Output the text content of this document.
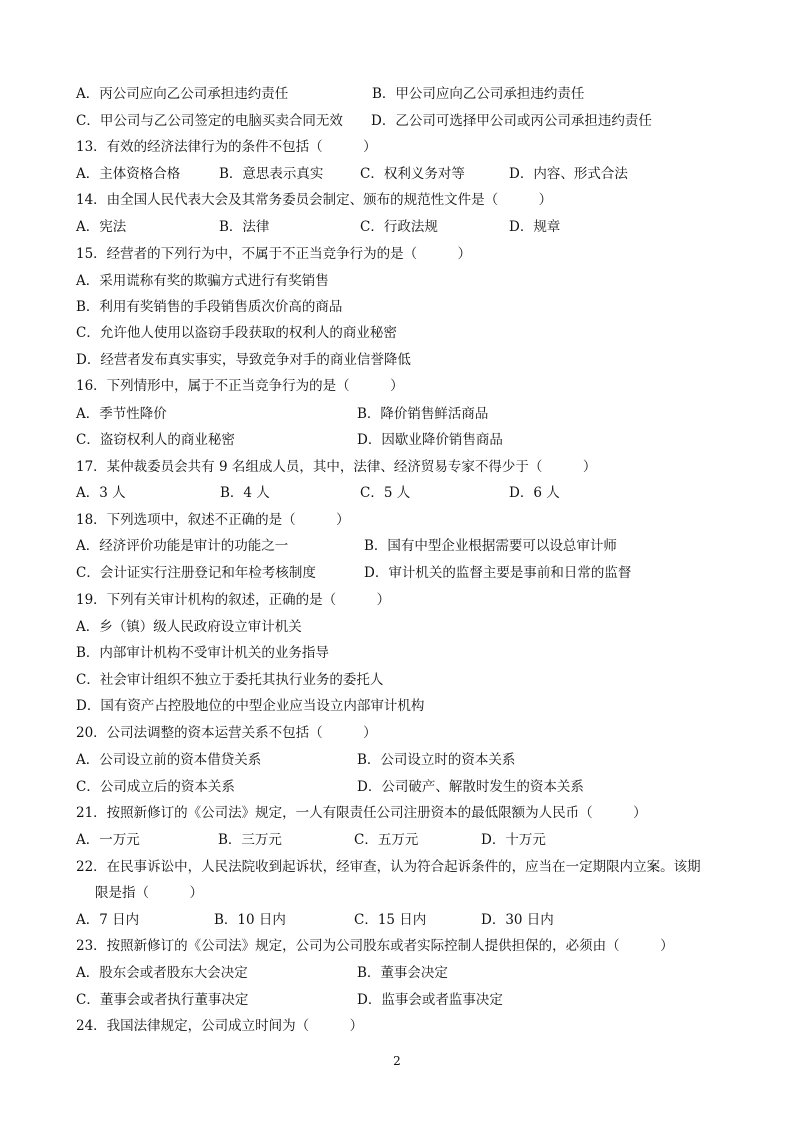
A．丙公司应向乙公司承担违约责任	B．甲公司应向乙公司承担违约责任
C．甲公司与乙公司签定的电脑买卖合同无效 D．乙公司可选择甲公司或丙公司承担违约责任
13．有效的经济法律行为的条件不包括（　　　）
A．主体资格合格	B．意思表示真实	C．权利义务对等	D．内容、形式合法
14．由全国人民代表大会及其常务委员会制定、颁布的规范性文件是（　　　）
A．宪法	B．法律	C．行政法规	D．规章
15．经营者的下列行为中，不属于不正当竞争行为的是（　　　）
A．采用谎称有奖的欺骗方式进行有奖销售
B．利用有奖销售的手段销售质次价高的商品
C．允许他人使用以盗窃手段获取的权利人的商业秘密
D．经营者发布真实事实，导致竞争对手的商业信誉降低
16．下列情形中，属于不正当竞争行为的是（　　　）
A．季节性降价	B．降价销售鲜活商品
C．盗窃权利人的商业秘密	D．因歇业降价销售商品
17．某仲裁委员会共有 9 名组成人员，其中，法律、经济贸易专家不得少于（　　　）
A．3 人	B．4 人	C．5 人	D．6 人
18．下列选项中，叙述不正确的是（　　　）
A．经济评价功能是审计的功能之一	B．国有中型企业根据需要可以设总审计师
C．会计证实行注册登记和年检考核制度	D．审计机关的监督主要是事前和日常的监督
19．下列有关审计机构的叙述，正确的是（　　　）
A．乡（镇）级人民政府设立审计机关
B．内部审计机构不受审计机关的业务指导
C．社会审计组织不独立于委托其执行业务的委托人
D．国有资产占控股地位的中型企业应当设立内部审计机构
20．公司法调整的资本运营关系不包括（　　　）
A．公司设立前的资本借贷关系	B．公司设立时的资本关系
C．公司成立后的资本关系	D．公司破产、解散时发生的资本关系
21．按照新修订的《公司法》规定，一人有限责任公司注册资本的最低限额为人民币（　　　）
A．一万元	B．三万元	C．五万元	D．十万元
22．在民事诉讼中，人民法院收到起诉状，经审查，认为符合起诉条件的，应当在一定期限内立案。该期
限是指（　　　）
A．7 日内	B．10 日内	C．15 日内	D．30 日内
23．按照新修订的《公司法》规定，公司为公司股东或者实际控制人提供担保的，必须由（　　　）
A．股东会或者股东大会决定	B．董事会决定
C．董事会或者执行董事决定	D．监事会或者监事决定
24．我国法律规定，公司成立时间为（　　　）
2
